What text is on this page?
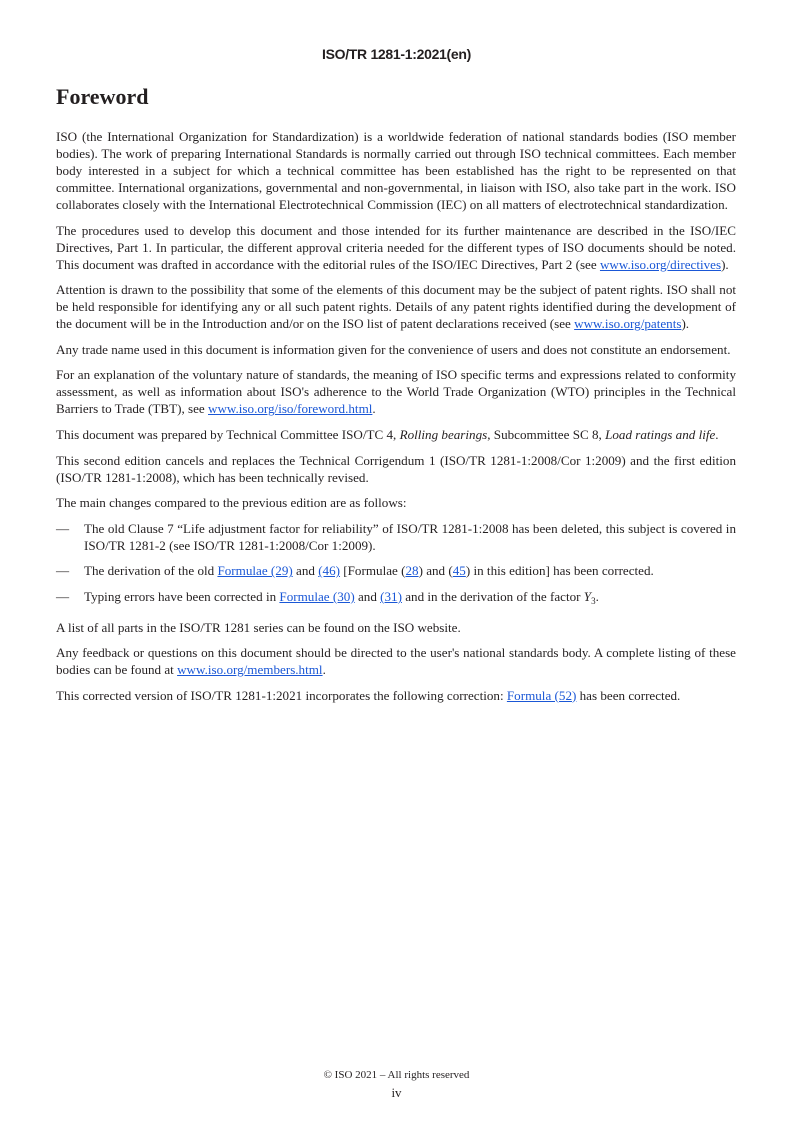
ISO/TR 1281-1:2021(en)
Foreword

ISO (the International Organization for Standardization) is a worldwide federation of national standards bodies (ISO member bodies). The work of preparing International Standards is normally carried out through ISO technical committees. Each member body interested in a subject for which a technical committee has been established has the right to be represented on that committee. International organizations, governmental and non-governmental, in liaison with ISO, also take part in the work. ISO collaborates closely with the International Electrotechnical Commission (IEC) on all matters of electrotechnical standardization.

The procedures used to develop this document and those intended for its further maintenance are described in the ISO/IEC Directives, Part 1. In particular, the different approval criteria needed for the different types of ISO documents should be noted. This document was drafted in accordance with the editorial rules of the ISO/IEC Directives, Part 2 (see www.iso.org/directives).

Attention is drawn to the possibility that some of the elements of this document may be the subject of patent rights. ISO shall not be held responsible for identifying any or all such patent rights. Details of any patent rights identified during the development of the document will be in the Introduction and/or on the ISO list of patent declarations received (see www.iso.org/patents).

Any trade name used in this document is information given for the convenience of users and does not constitute an endorsement.

For an explanation of the voluntary nature of standards, the meaning of ISO specific terms and expressions related to conformity assessment, as well as information about ISO's adherence to the World Trade Organization (WTO) principles in the Technical Barriers to Trade (TBT), see www.iso.org/iso/foreword.html.

This document was prepared by Technical Committee ISO/TC 4, Rolling bearings, Subcommittee SC 8, Load ratings and life.

This second edition cancels and replaces the Technical Corrigendum 1 (ISO/TR 1281-1:2008/Cor 1:2009) and the first edition (ISO/TR 1281-1:2008), which has been technically revised.

The main changes compared to the previous edition are as follows:

— The old Clause 7 “Life adjustment factor for reliability” of ISO/TR 1281-1:2008 has been deleted, this subject is covered in ISO/TR 1281-2 (see ISO/TR 1281-1:2008/Cor 1:2009).
— The derivation of the old Formulae (29) and (46) [Formulae (28) and (45) in this edition] has been corrected.
— Typing errors have been corrected in Formulae (30) and (31) and in the derivation of the factor $Y_3$.

A list of all parts in the ISO/TR 1281 series can be found on the ISO website.

Any feedback or questions on this document should be directed to the user's national standards body. A complete listing of these bodies can be found at www.iso.org/members.html.

This corrected version of ISO/TR 1281-1:2021 incorporates the following correction: Formula (52) has been corrected.

© ISO 2021 – All rights reserved
iv
